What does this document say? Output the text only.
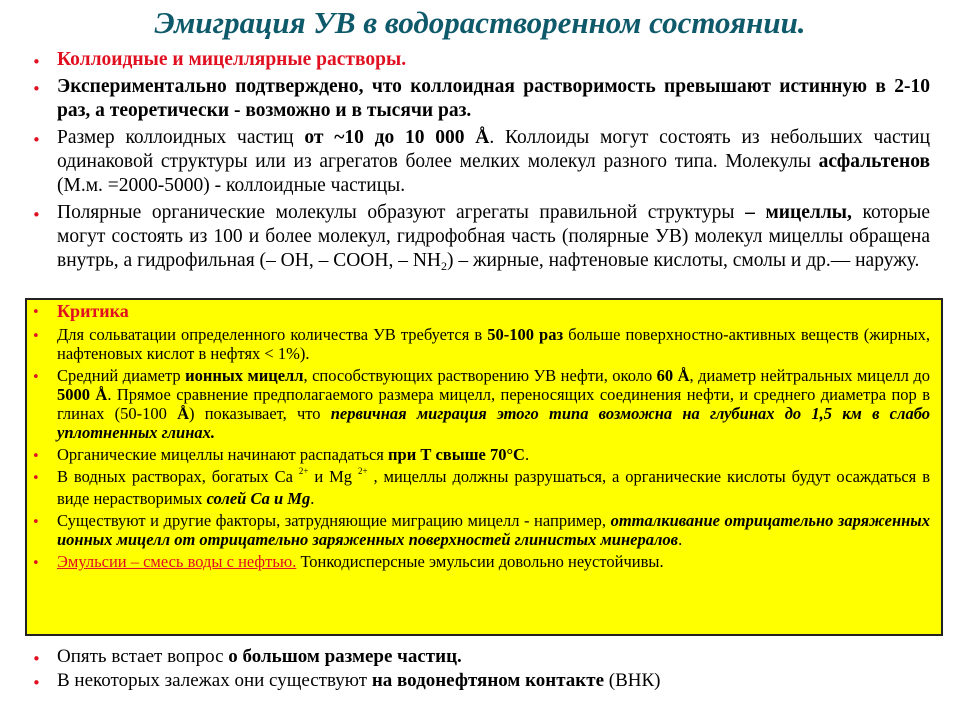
Эмиграция УВ в водорастворенном состоянии.
• Коллоидные и мицеллярные растворы.
• Экспериментально подтверждено, что коллоидная растворимость превышают истинную в 2-10 раз, а теоретически - возможно и в тысячи раз.
• Размер коллоидных частиц от ~10 до 10 000 Å. Коллоиды могут состоять из небольших частиц одинаковой структуры или из агрегатов более мелких молекул разного типа. Молекулы асфальтенов (М.м. =2000-5000) - коллоидные частицы.
• Полярные органические молекулы образуют агрегаты правильной структуры – мицеллы, которые могут состоять из 100 и более молекул, гидрофобная часть (полярные УВ) молекул мицеллы обращена внутрь, а гидрофильная (– ОН, – СООН, – $NH_2$) – жирные, нафтеновые кислоты, смолы и др.— наружу.
• Критика
• Для сольватации определенного количества УВ требуется в 50-100 раз больше поверхностно-активных веществ (жирных, нафтеновых кислот в нефтях < 1%).
• Средний диаметр ионных мицелл, способствующих растворению УВ нефти, около 60 Å, диаметр нейтральных мицелл до 5000 Å. Прямое сравнение предполагаемого размера мицелл, переносящих соединения нефти, и среднего диаметра пор в глинах (50-100 Å) показывает, что первичная миграция этого типа возможна на глубинах до 1,5 км в слабо уплотненных глинах.
• Органические мицеллы начинают распадаться при Т свыше 70°С.
• В водных растворах, богатых Са $^{2+}$ и Mg $^{2+}$ , мицеллы должны разрушаться, а органические кислоты будут осаждаться в виде нерастворимых солей Са и Mg.
• Существуют и другие факторы, затрудняющие миграцию мицелл - например, отталкивание отрицательно заряженных ионных мицелл от отрицательно заряженных поверхностей глинистых минералов.
• Эмульсии – смесь воды с нефтью. Тонкодисперсные эмульсии довольно неустойчивы.
• Опять встает вопрос о большом размере частиц.
• В некоторых залежах они существуют на водонефтяном контакте (ВНК)
